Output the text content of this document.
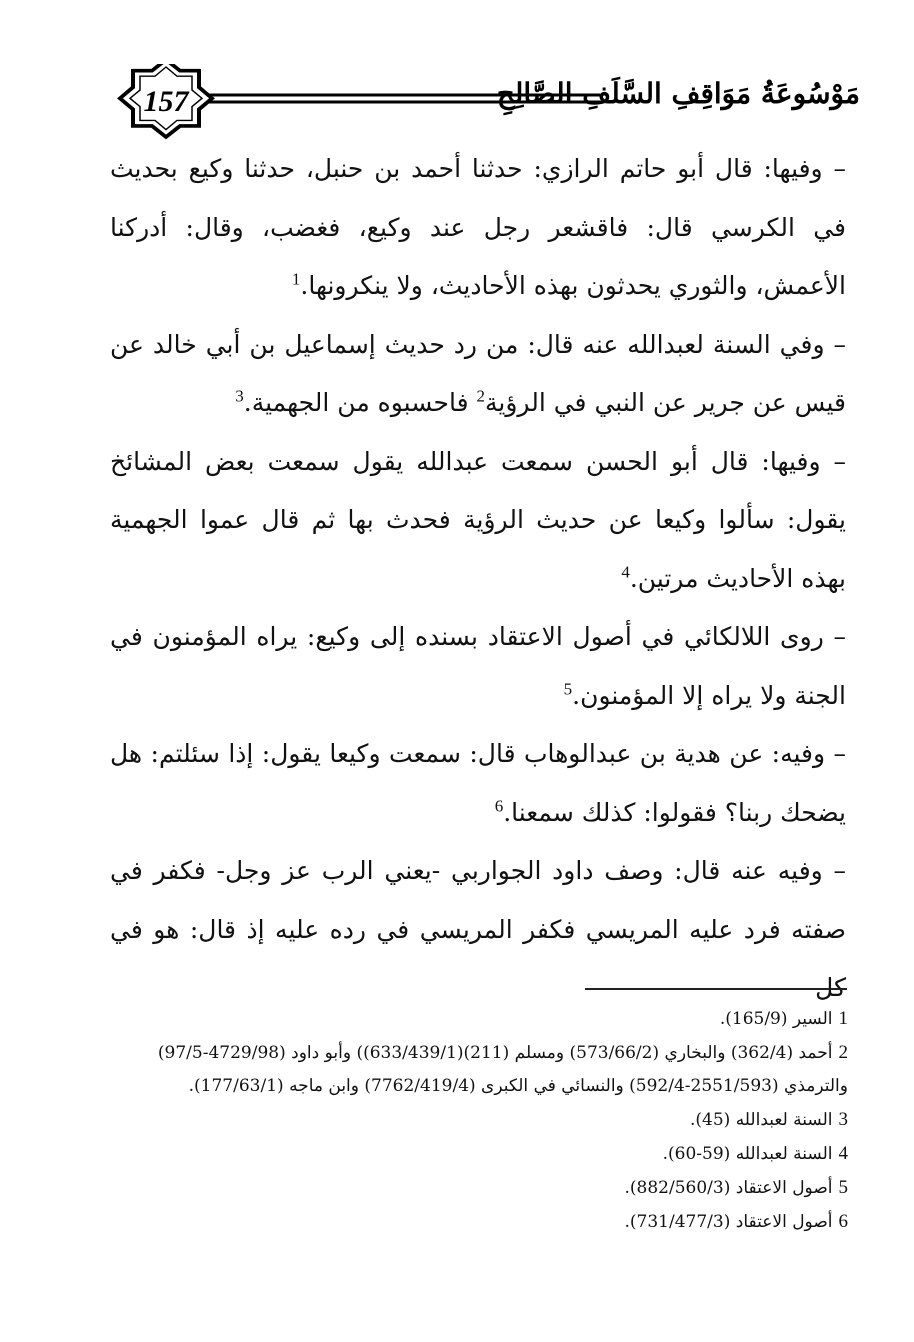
157	مَوْسُوعَةُ مَوَاقِفِ السَّلَفِ الصَّالِحِ

– وفيها: قال أبو حاتم الرازي: حدثنا أحمد بن حنبل، حدثنا وكيع بحديث في الكرسي قال: فاقشعر رجل عند وكيع، فغضب، وقال: أدركنا الأعمش، والثوري يحدثون بهذه الأحاديث، ولا ينكرونها.$^1$

– وفي السنة لعبدالله عنه قال: من رد حديث إسماعيل بن أبي خالد عن قيس عن جرير عن النبي في الرؤية$^2$ فاحسبوه من الجهمية.$^3$

– وفيها: قال أبو الحسن سمعت عبدالله يقول سمعت بعض المشائخ يقول: سألوا وكيعا عن حديث الرؤية فحدث بها ثم قال عموا الجهمية بهذه الأحاديث مرتين.$^4$

– روى اللالكائي في أصول الاعتقاد بسنده إلى وكيع: يراه المؤمنون في الجنة ولا يراه إلا المؤمنون.$^5$

– وفيه: عن هدية بن عبدالوهاب قال: سمعت وكيعا يقول: إذا سئلتم: هل يضحك ربنا؟ فقولوا: كذلك سمعنا.$^6$

– وفيه عنه قال: وصف داود الجواربي -يعني الرب عز وجل- فكفر في صفته فرد عليه المريسي فكفر المريسي في رده عليه إذ قال: هو في كل

1السير (165/9).

2أحمد (362/4) والبخاري (573/66/2) ومسلم (211)(633/439/1)) وأبو داود (4729/98-97/5) والترمذي (2551/593-592/4) والنسائي في الكبرى (7762/419/4) وابن ماجه (177/63/1).

3السنة لعبدالله (45).

4السنة لعبدالله (59-60).

5أصول الاعتقاد (882/560/3).

6أصول الاعتقاد (731/477/3).
